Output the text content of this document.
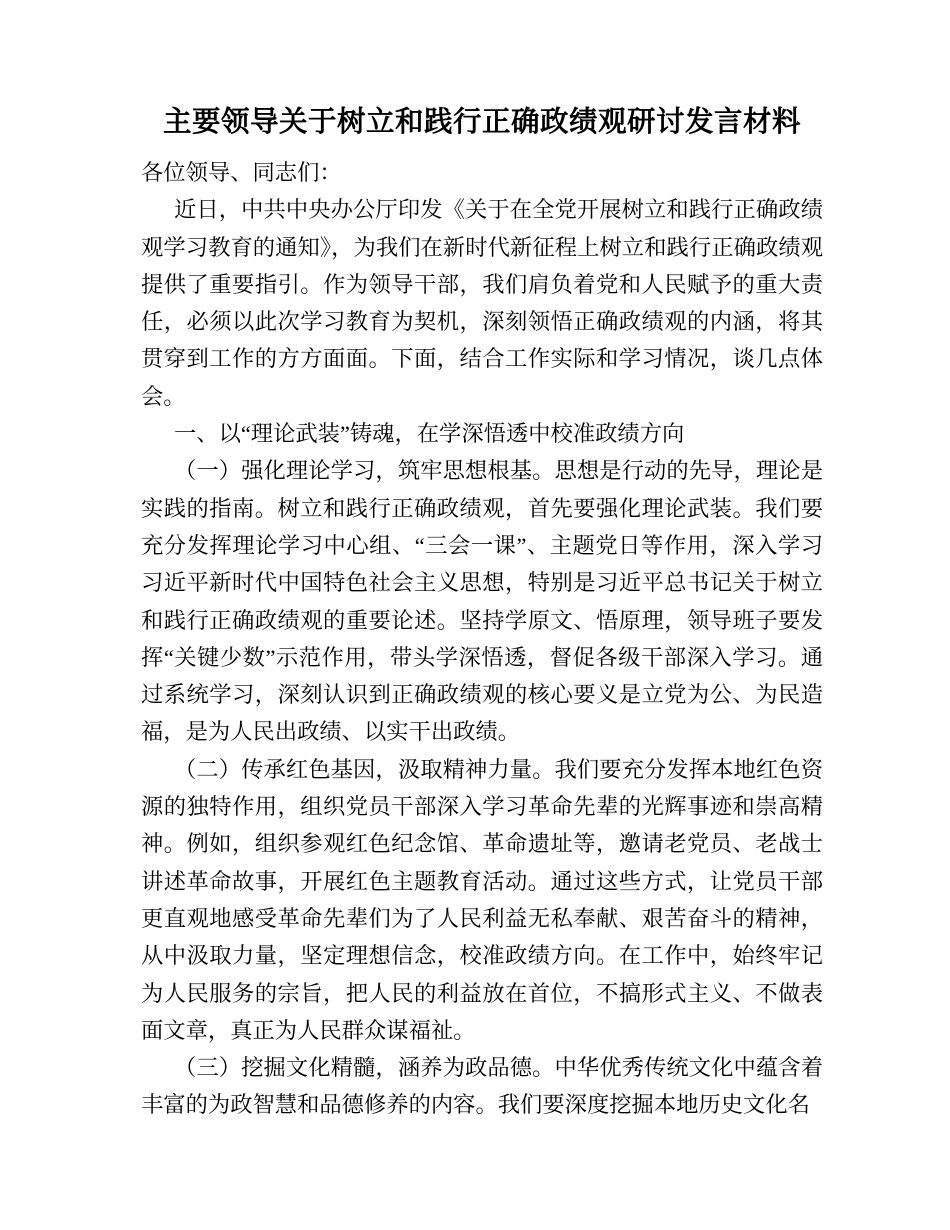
主要领导关于树立和践行正确政绩观研讨发言材料

各位领导、同志们：

近日，中共中央办公厅印发《关于在全党开展树立和践行正确政绩观学习教育的通知》，为我们在新时代新征程上树立和践行正确政绩观提供了重要指引。作为领导干部，我们肩负着党和人民赋予的重大责任，必须以此次学习教育为契机，深刻领悟正确政绩观的内涵，将其贯穿到工作的方方面面。下面，结合工作实际和学习情况，谈几点体会。

一、以“理论武装”铸魂，在学深悟透中校准政绩方向

（一）强化理论学习，筑牢思想根基。思想是行动的先导，理论是实践的指南。树立和践行正确政绩观，首先要强化理论武装。我们要充分发挥理论学习中心组、“三会一课”、主题党日等作用，深入学习习近平新时代中国特色社会主义思想，特别是习近平总书记关于树立和践行正确政绩观的重要论述。坚持学原文、悟原理，领导班子要发挥“关键少数”示范作用，带头学深悟透，督促各级干部深入学习。通过系统学习，深刻认识到正确政绩观的核心要义是立党为公、为民造福，是为人民出政绩、以实干出政绩。

（二）传承红色基因，汲取精神力量。我们要充分发挥本地红色资源的独特作用，组织党员干部深入学习革命先辈的光辉事迹和崇高精神。例如，组织参观红色纪念馆、革命遗址等，邀请老党员、老战士讲述革命故事，开展红色主题教育活动。通过这些方式，让党员干部更直观地感受革命先辈们为了人民利益无私奉献、艰苦奋斗的精神，从中汲取力量，坚定理想信念，校准政绩方向。在工作中，始终牢记为人民服务的宗旨，把人民的利益放在首位，不搞形式主义、不做表面文章，真正为人民群众谋福祉。

（三）挖掘文化精髓，涵养为政品德。中华优秀传统文化中蕴含着丰富的为政智慧和品德修养的内容。我们要深度挖掘本地历史文化名
